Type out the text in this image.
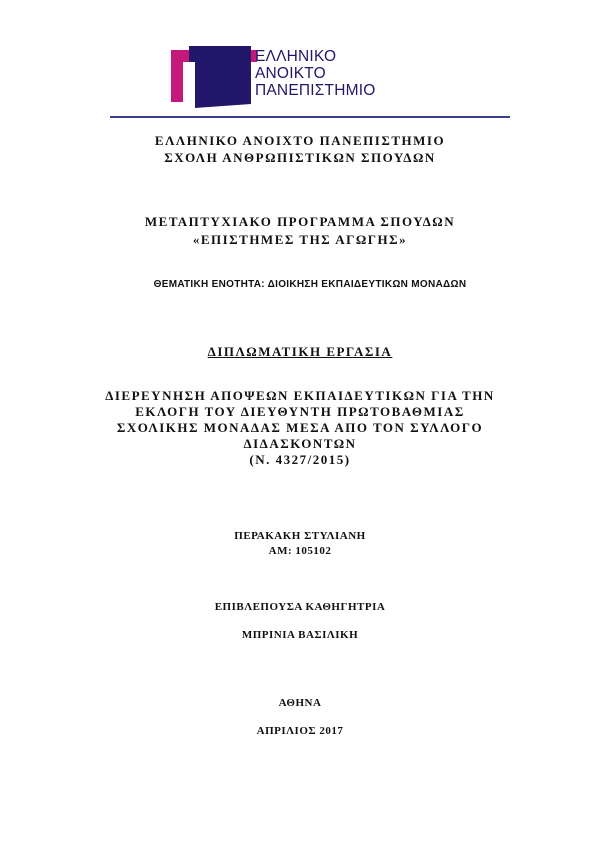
ΕΛΛΗΝΙΚΟ
ΑΝΟΙΚΤΟ
ΠΑΝΕΠΙΣΤΗΜΙΟ
ΕΛΛΗΝΙΚΟ ΑΝΟΙΧΤΟ ΠΑΝΕΠΙΣΤΗΜΙΟ
ΣΧΟΛΗ ΑΝΘΡΩΠΙΣΤΙΚΩΝ ΣΠΟΥΔΩΝ
ΜΕΤΑΠΤΥΧΙΑΚΟ ΠΡΟΓΡΑΜΜΑ ΣΠΟΥΔΩΝ
«ΕΠΙΣΤΗΜΕΣ ΤΗΣ ΑΓΩΓΗΣ»
ΘΕΜΑΤΙΚΗ ΕΝΟΤΗΤΑ: ΔΙΟΙΚΗΣΗ ΕΚΠΑΙΔΕΥΤΙΚΩΝ ΜΟΝΑΔΩΝ
ΔΙΠΛΩΜΑΤΙΚΗ ΕΡΓΑΣΙΑ
ΔΙΕΡΕΥΝΗΣΗ ΑΠΟΨΕΩΝ ΕΚΠΑΙΔΕΥΤΙΚΩΝ ΓΙΑ ΤΗΝ
ΕΚΛΟΓΗ ΤΟΥ ΔΙΕΥΘΥΝΤΗ ΠΡΩΤΟΒΑΘΜΙΑΣ
ΣΧΟΛΙΚΗΣ ΜΟΝΑΔΑΣ ΜΕΣΑ ΑΠΟ ΤΟΝ ΣΥΛΛΟΓΟ
ΔΙΔΑΣΚΟΝΤΩΝ
(Ν. 4327/2015)
ΠΕΡΑΚΑΚΗ ΣΤΥΛΙΑΝΗ
ΑΜ: 105102
ΕΠΙΒΛΕΠΟΥΣΑ ΚΑΘΗΓΗΤΡΙΑ
ΜΠΡΙΝΙΑ ΒΑΣΙΛΙΚΗ
ΑΘΗΝΑ
ΑΠΡΙΛΙΟΣ 2017
